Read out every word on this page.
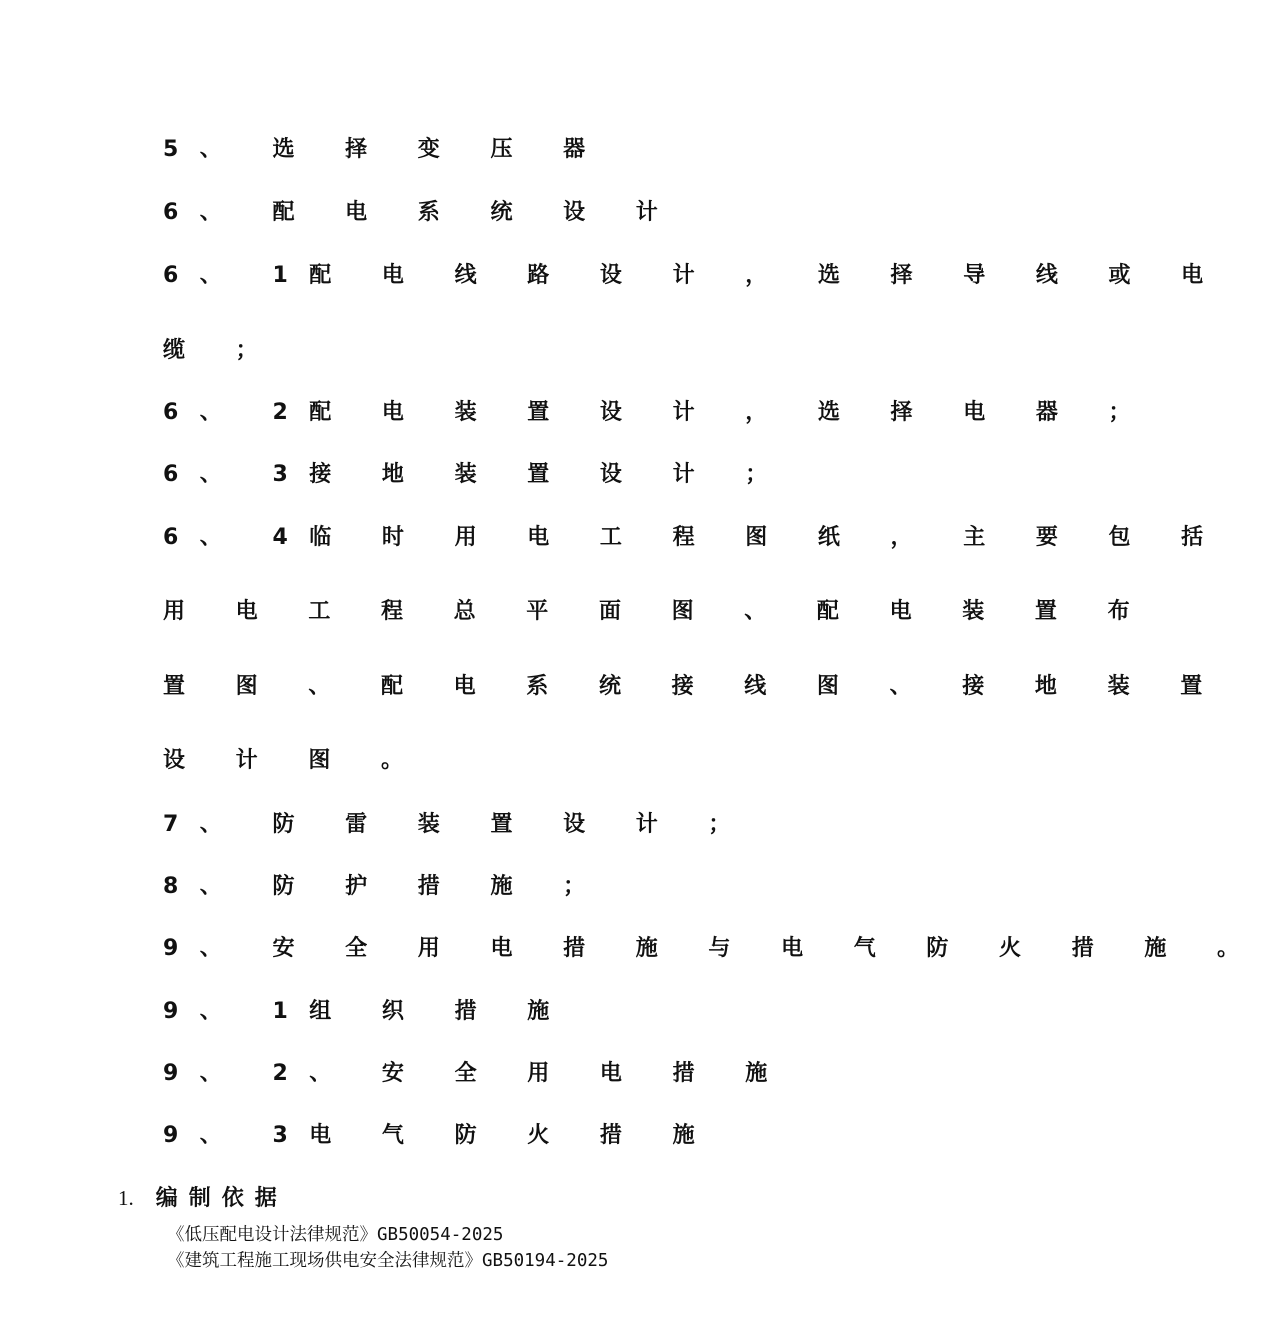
5、 选 择 变 压 器
6、 配 电 系 统 设 计
6、 1配 电 线 路 设 计 ， 选 择 导 线 或 电
缆 ；
6、 2配 电 装 置 设 计 ， 选 择 电 器 ；
6、 3接 地 装 置 设 计 ；
6、 4临 时 用 电 工 程 图 纸 ， 主 要 包 括
用 电 工 程 总 平 面 图 、 配 电 装 置 布
置 图 、 配 电 系 统 接 线 图 、 接 地 装 置
设 计 图 。
7、 防 雷 装 置 设 计 ；
8、 防 护 措 施 ；
9、 安 全 用 电 措 施 与 电 气 防 火 措 施 。
9、 1组 织 措 施
9、 2、 安 全 用 电 措 施
9、 3电 气 防 火 措 施
1. 编制依据
《低压配电设计法律规范》GB50054-2025
《建筑工程施工现场供电安全法律规范》GB50194-2025
